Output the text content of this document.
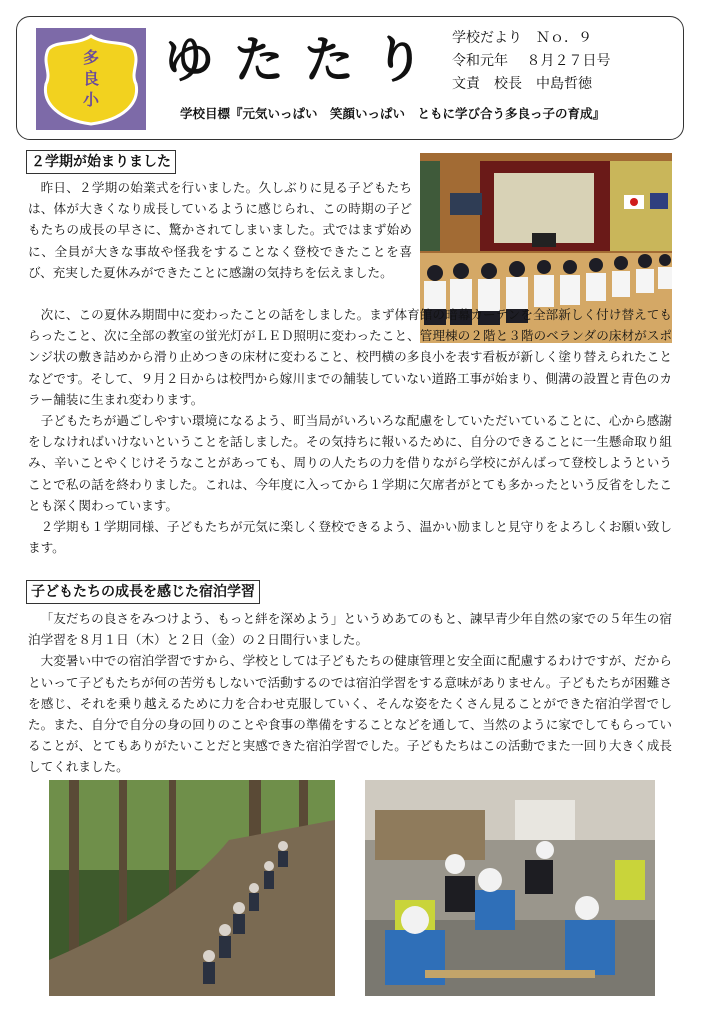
多
良
小
ゆたたり 学校だより　Ｎｏ．９
令和元年　 ８月２７日号
文責　校長　中島哲徳
学校目標『元気いっぱい　笑顔いっぱい　ともに学び合う多良っ子の育成』
２学期が始まりました

昨日、２学期の始業式を行いました。久しぶりに見る子どもたちは、体が大きくなり成長しているように感じられ、この時期の子どもたちの成長の早さに、驚かされてしまいました。式ではまず始めに、全員が大きな事故や怪我をすることなく登校できたことを喜び、充実した夏休みができたことに感謝の気持ちを伝えました。

次に、この夏休み期間中に変わったことの話をしました。まず体育館の暗幕カーテンを全部新しく付け替えてもらったこと、次に全部の教室の蛍光灯がＬＥＤ照明に変わったこと、管理棟の２階と３階のベランダの床材がスポンジ状の敷き詰めから滑り止めつきの床材に変わること、校門横の多良小を表す看板が新しく塗り替えられたことなどです。そして、９月２日からは校門から嫁川までの舗装していない道路工事が始まり、側溝の設置と青色のカラー舗装に生まれ変わります。

子どもたちが過ごしやすい環境になるよう、町当局がいろいろな配慮をしていただいていることに、心から感謝をしなければいけないということを話しました。その気持ちに報いるために、自分のできることに一生懸命取り組み、辛いことやくじけそうなことがあっても、周りの人たちの力を借りながら学校にがんばって登校しようということで私の話を終わりました。これは、今年度に入ってから１学期に欠席者がとても多かったという反省をしたことも深く関わっています。

２学期も１学期同様、子どもたちが元気に楽しく登校できるよう、温かい励ましと見守りをよろしくお願い致します。

子どもたちの成長を感じた宿泊学習

「友だちの良さをみつけよう、もっと絆を深めよう」というめあてのもと、諫早青少年自然の家での５年生の宿泊学習を８月１日（木）と２日（金）の２日間行いました。

大変暑い中での宿泊学習ですから、学校としては子どもたちの健康管理と安全面に配慮するわけですが、だからといって子どもたちが何の苦労もしないで活動するのでは宿泊学習をする意味がありません。子どもたちが困難さを感じ、それを乗り越えるために力を合わせ克服していく、そんな姿をたくさん見ることができた宿泊学習でした。また、自分で自分の身の回りのことや食事の準備をすることなどを通して、当然のように家でしてもらっていることが、とてもありがたいことだと実感できた宿泊学習でした。子どもたちはこの活動でまた一回り大きく成長してくれました。
